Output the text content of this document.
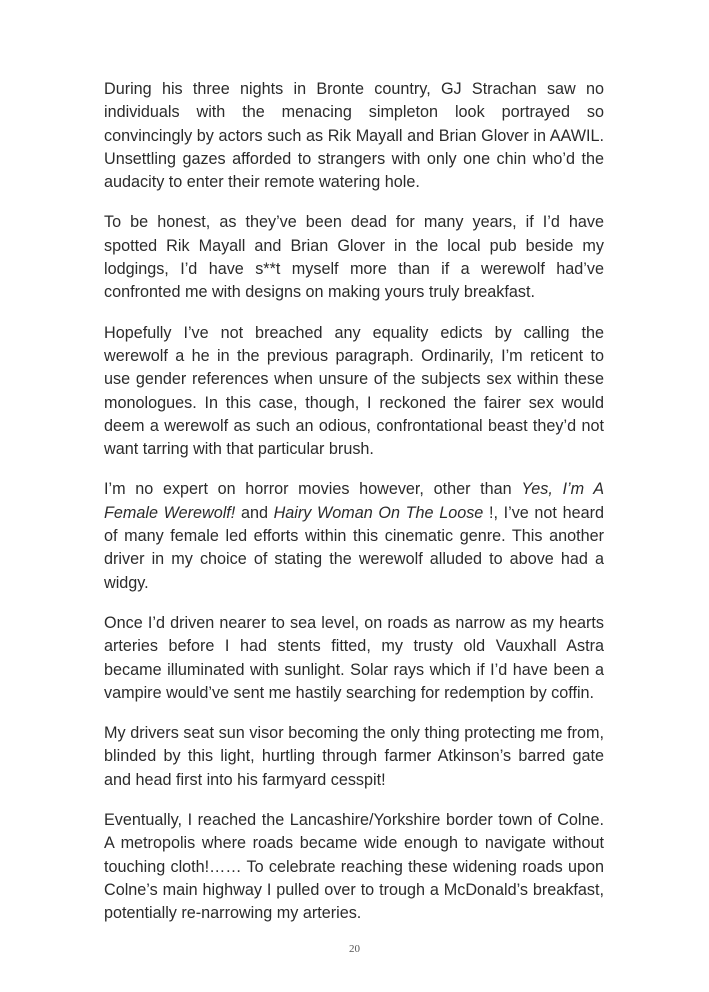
During his three nights in Bronte country, GJ Strachan saw no individuals with the menacing simpleton look portrayed so convincingly by actors such as Rik Mayall and Brian Glover in AAWIL. Unsettling gazes afforded to strangers with only one chin who’d the audacity to enter their remote watering hole.

To be honest, as they’ve been dead for many years, if I’d have spotted Rik Mayall and Brian Glover in the local pub beside my lodgings, I’d have s**t myself more than if a werewolf had’ve confronted me with designs on making yours truly breakfast.

Hopefully I’ve not breached any equality edicts by calling the werewolf a he in the previous paragraph. Ordinarily, I’m reticent to use gender references when unsure of the subjects sex within these monologues. In this case, though, I reckoned the fairer sex would deem a werewolf as such an odious, confrontational beast they’d not want tarring with that particular brush.

I’m no expert on horror movies however, other than Yes, I’m A Female Werewolf! and Hairy Woman On The Loose !, I’ve not heard of many female led efforts within this cinematic genre. This another driver in my choice of stating the werewolf alluded to above had a widgy.

Once I’d driven nearer to sea level, on roads as narrow as my hearts arteries before I had stents fitted, my trusty old Vauxhall Astra became illuminated with sunlight. Solar rays which if I’d have been a vampire would’ve sent me hastily searching for redemption by coffin.

My drivers seat sun visor becoming the only thing protecting me from, blinded by this light, hurtling through farmer Atkinson’s barred gate and head first into his farmyard cesspit!

Eventually, I reached the Lancashire/Yorkshire border town of Colne. A metropolis where roads became wide enough to navigate without touching cloth!…… To celebrate reaching these widening roads upon Colne’s main highway I pulled over to trough a McDonald’s breakfast, potentially re-narrowing my arteries.

20
